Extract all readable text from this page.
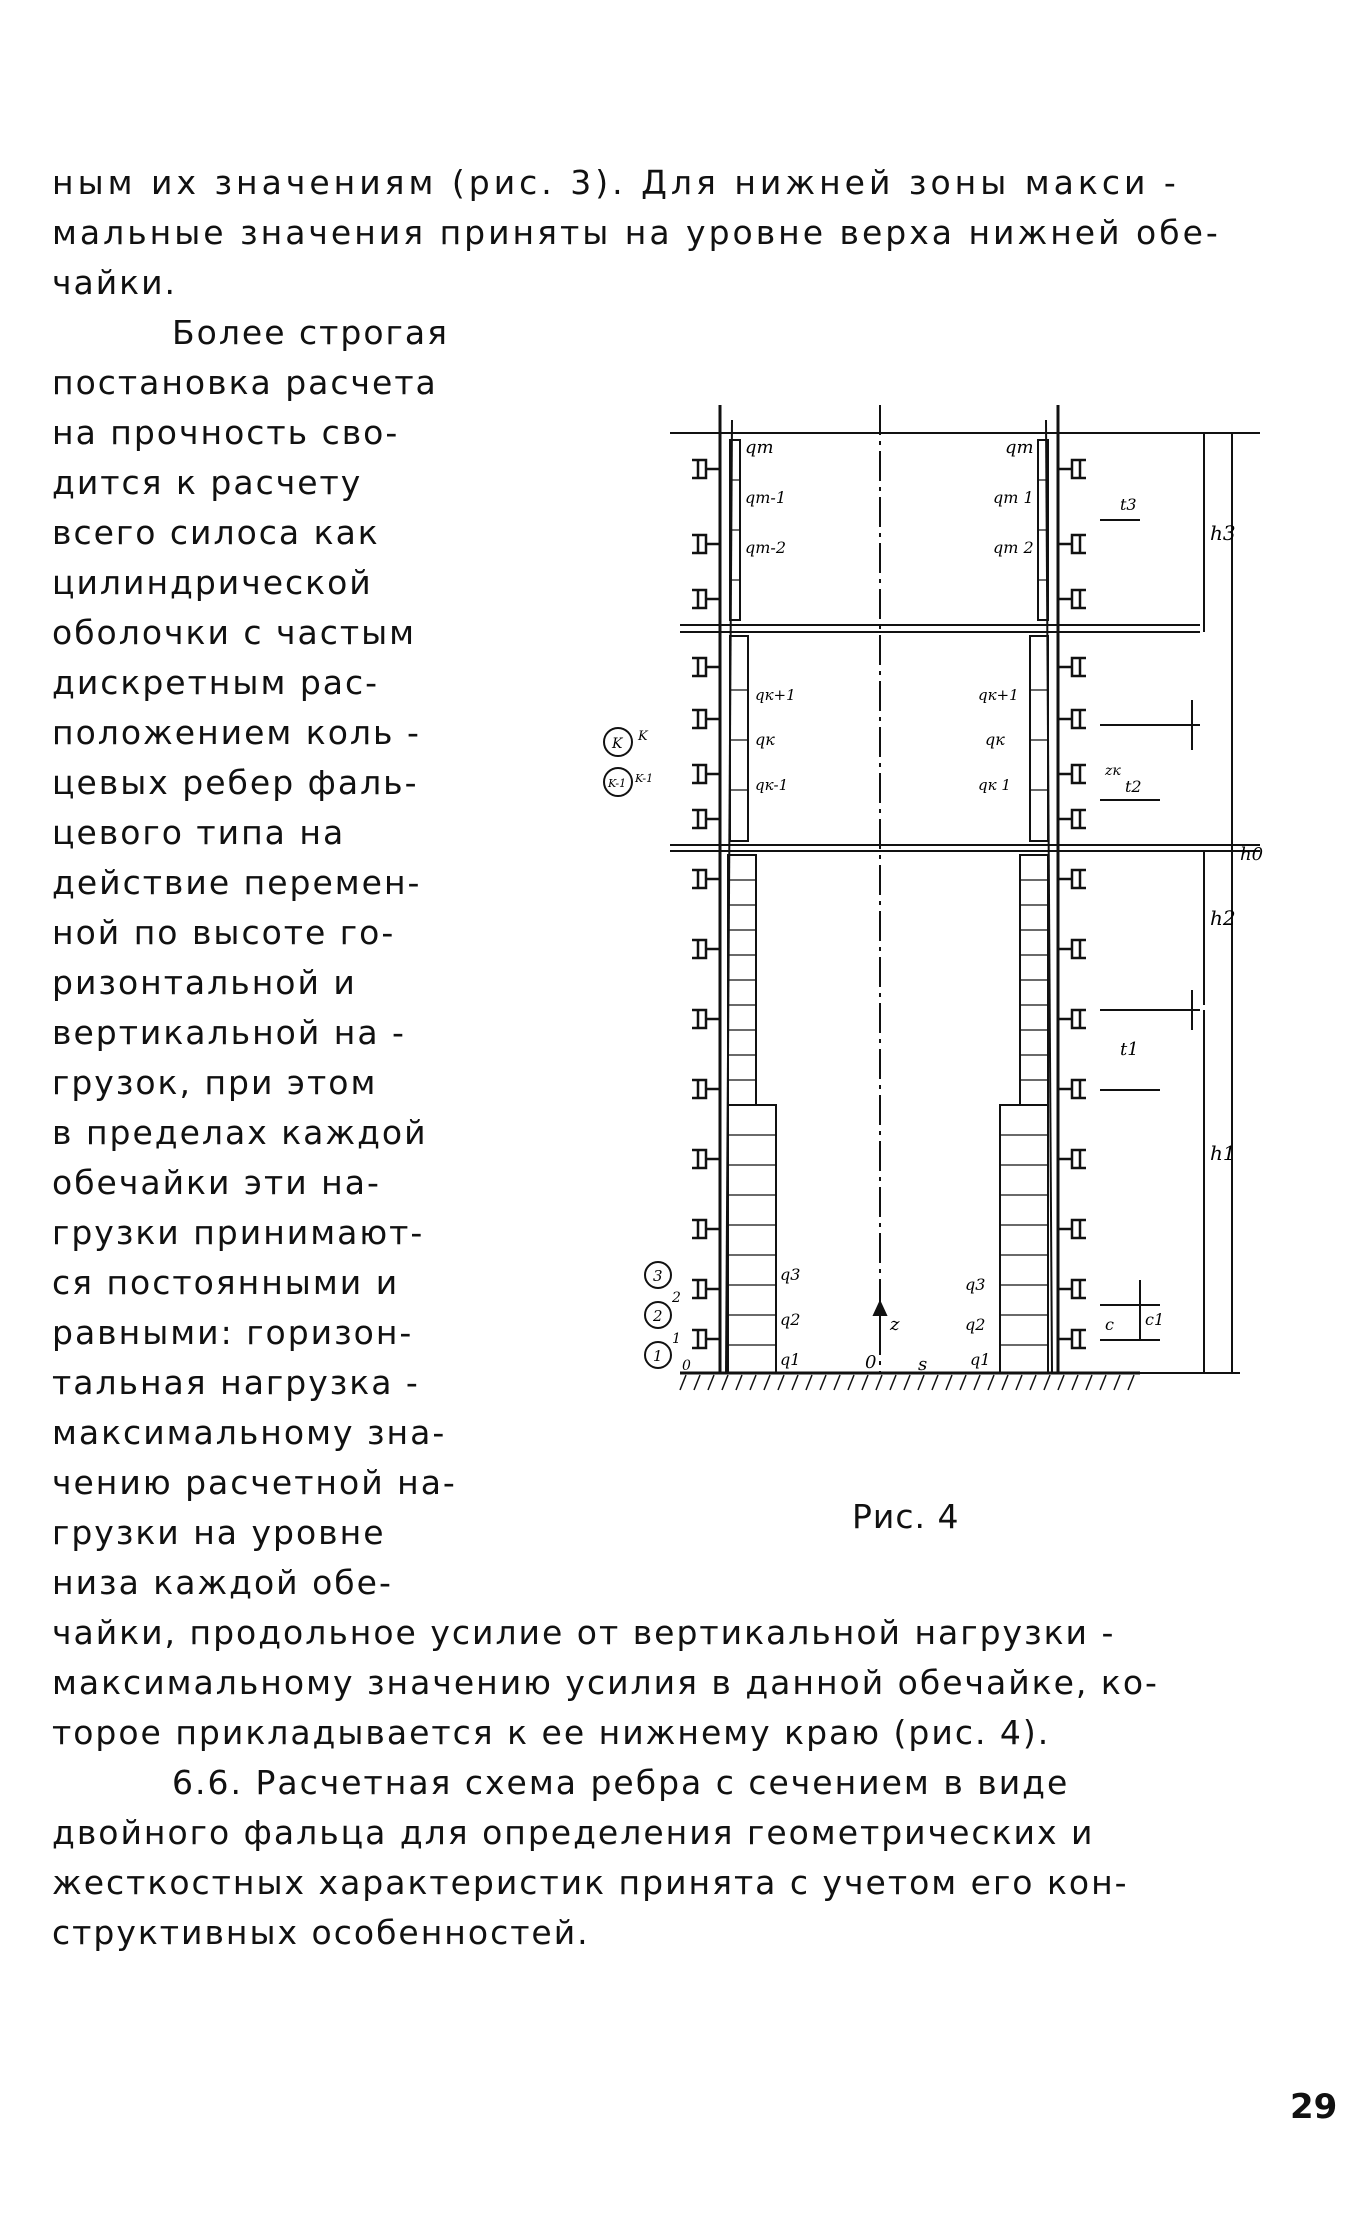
ным их значениям (рис. 3). Для нижней зоны макси -
мальные значения приняты на уровне верха нижней обе-
чайки.
Более строгая
постановка расчета
на прочность сво-
дится к расчету
всего силоса как
цилиндрической
оболочки с частым
дискретным рас-
положением коль -
цевых ребер фаль-
цевого типа на
действие перемен-
ной по высоте го-
ризонтальной и
вертикальной на -
грузок, при этом
в пределах каждой
обечайки эти на-
грузки принимают-
ся постоянными и
равными: горизон-
тальная нагрузка -
максимальному зна-
чению расчетной на-
грузки на уровне
низа каждой обе-
qm
qm-1
qm-2
qк+1
qк
qк-1
q3
q2
q1
qm
qm 1
qm 2
qк+1
qк
qк 1
q3
q2
q1
K
K-1
3
2
1
K
K-1
2
1
0
t3
h3
zк
t2
h0
h2
t1
h1
c c1
z
0 s
Рис. 4
чайки, продольное усилие от вертикальной нагрузки -
максимальному значению усилия в данной обечайке, ко-
торое прикладывается к ее нижнему краю (рис. 4).
6.6. Расчетная схема ребра с сечением в виде
двойного фальца для определения геометрических и
жесткостных характеристик принята с учетом его кон-
структивных особенностей.
29
